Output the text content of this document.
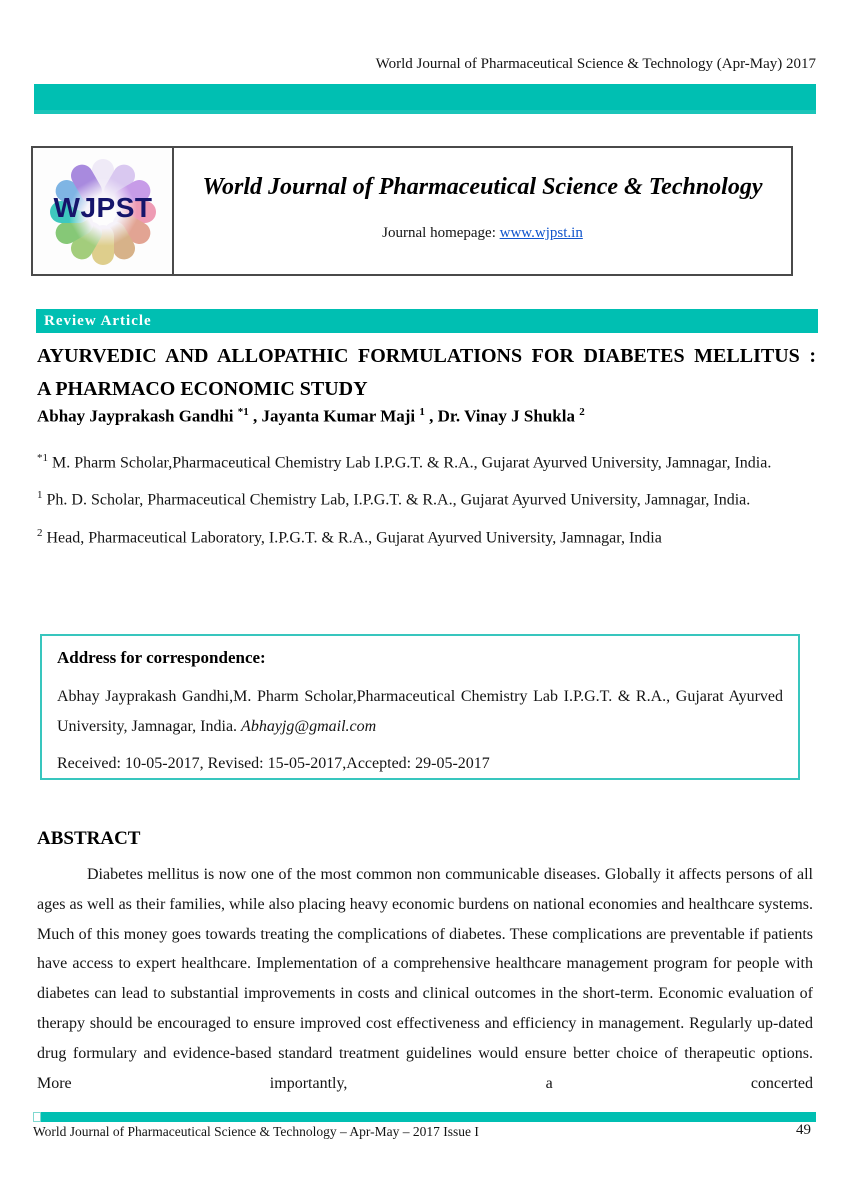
World Journal of Pharmaceutical Science & Technology (Apr-May) 2017
WJPST
World Journal of Pharmaceutical Science & Technology
Journal homepage: www.wjpst.in
Review Article
AYURVEDIC AND ALLOPATHIC FORMULATIONS FOR DIABETES MELLITUS :
A PHARMACO ECONOMIC STUDY
Abhay Jayprakash Gandhi $^{*1}$ , Jayanta Kumar Maji $^1$ , Dr. Vinay J Shukla $^2$
$^{*1}$ M. Pharm Scholar,Pharmaceutical Chemistry Lab I.P.G.T. & R.A., Gujarat Ayurved University, Jamnagar, India.
$^1$ Ph. D. Scholar, Pharmaceutical Chemistry Lab, I.P.G.T. & R.A., Gujarat Ayurved University, Jamnagar, India.
$^2$ Head, Pharmaceutical Laboratory, I.P.G.T. & R.A., Gujarat Ayurved University, Jamnagar, India
Address for correspondence:
Abhay Jayprakash Gandhi,M. Pharm Scholar,Pharmaceutical Chemistry Lab I.P.G.T. & R.A., Gujarat Ayurved University, Jamnagar, India. Abhayjg@gmail.com
Received: 10-05-2017, Revised: 15-05-2017,Accepted: 29-05-2017
ABSTRACT
Diabetes mellitus is now one of the most common non communicable diseases. Globally it affects persons of all ages as well as their families, while also placing heavy economic burdens on national economies and healthcare systems. Much of this money goes towards treating the complications of diabetes. These complications are preventable if patients have access to expert healthcare. Implementation of a comprehensive healthcare management program for people with diabetes can lead to substantial improvements in costs and clinical outcomes in the short-term. Economic evaluation of therapy should be encouraged to ensure improved cost effectiveness and efficiency in management. Regularly up-dated drug formulary and evidence-based standard treatment guidelines would ensure better choice of therapeutic options. More importantly, a concerted
World Journal of Pharmaceutical Science & Technology – Apr-May – 2017 Issue I	49
